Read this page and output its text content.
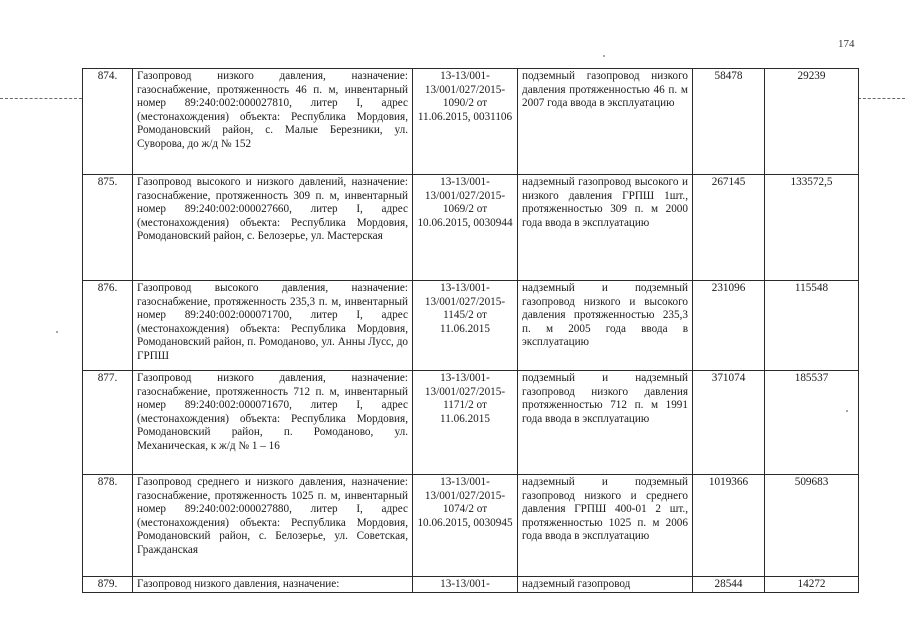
174
874.	Газопровод низкого давления, назначение: газоснабжение, протяженность 46 п. м, инвентарный номер 89:240:002:000027810, литер I, адрес (местонахождения) объекта: Республика Мордовия, Ромодановский район, с. Малые Березники, ул. Суворова, до ж/д № 152	13-13/001-13/001/027/2015-1090/2 от 11.06.2015, 0031106	подземный газопровод низкого давления протяженностью 46 п. м 2007 года ввода в эксплуатацию	58478	29239
875.	Газопровод высокого и низкого давлений, назначение: газоснабжение, протяженность 309 п. м, инвентарный номер 89:240:002:000027660, литер I, адрес (местонахождения) объекта: Республика Мордовия, Ромодановский район, с. Белозерье, ул. Мастерская	13-13/001-13/001/027/2015-1069/2 от 10.06.2015, 0030944	надземный газопровод высокого и низкого давления ГРПШ 1шт., протяженностью 309 п. м 2000 года ввода в эксплуатацию	267145	133572,5
876.	Газопровод высокого давления, назначение: газоснабжение, протяженность 235,3 п. м, инвентарный номер 89:240:002:000071700, литер I, адрес (местонахождения) объекта: Республика Мордовия, Ромодановский район, п. Ромоданово, ул. Анны Лусс, до ГРПШ	13-13/001-13/001/027/2015-1145/2 от 11.06.2015	надземный и подземный газопровод низкого и высокого давления протяженностью 235,3 п. м 2005 года ввода в эксплуатацию	231096	115548
877.	Газопровод низкого давления, назначение: газоснабжение, протяженность 712 п. м, инвентарный номер 89:240:002:000071670, литер I, адрес (местонахождения) объекта: Республика Мордовия, Ромодановский район, п. Ромоданово, ул. Механическая, к ж/д № 1 – 16	13-13/001-13/001/027/2015-1171/2 от 11.06.2015	подземный и надземный газопровод низкого давления протяженностью 712 п. м 1991 года ввода в эксплуатацию	371074	185537
878.	Газопровод среднего и низкого давления, назначение: газоснабжение, протяженность 1025 п. м, инвентарный номер 89:240:002:000027880, литер I, адрес (местонахождения) объекта: Республика Мордовия, Ромодановский район, с. Белозерье, ул. Советская, Гражданская	13-13/001-13/001/027/2015-1074/2 от 10.06.2015, 0030945	надземный и подземный газопровод низкого и среднего давления ГРПШ 400-01 2 шт., протяженностью 1025 п. м 2006 года ввода в эксплуатацию	1019366	509683
879.	Газопровод низкого давления, назначение:	13-13/001-	надземный газопровод	28544	14272
